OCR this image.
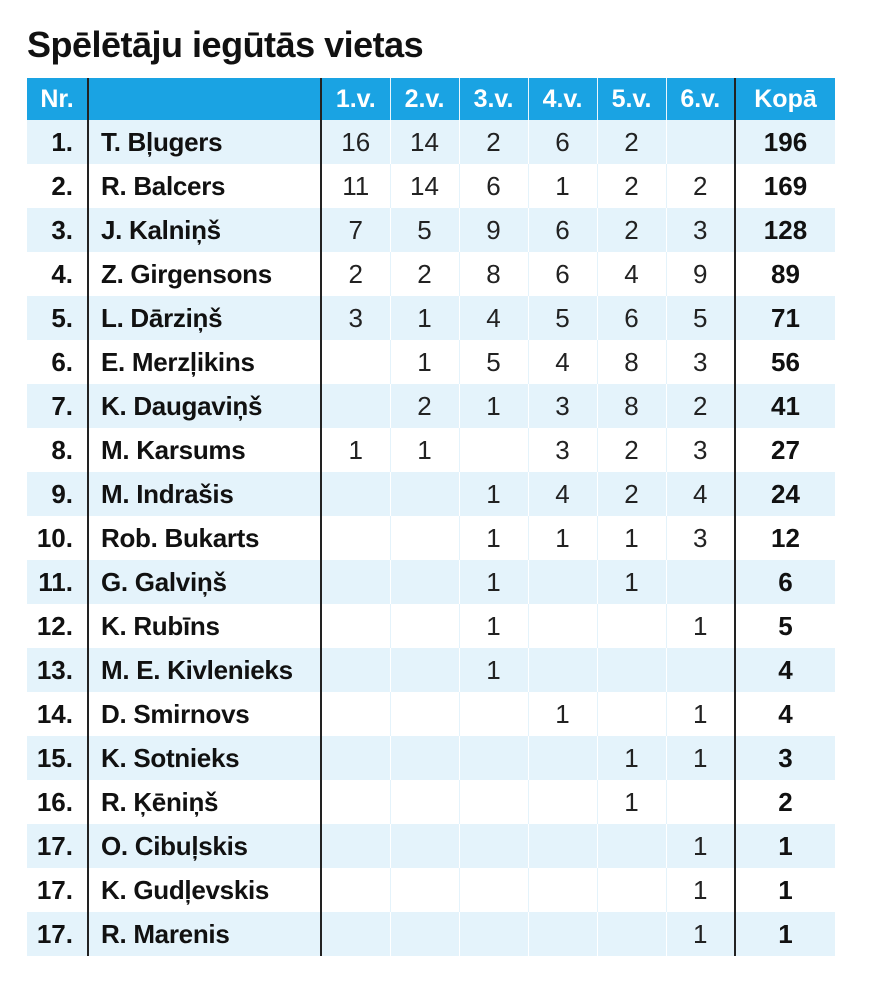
Spēlētāju iegūtās vietas
Nr.		1.v.	2.v.	3.v.	4.v.	5.v.	6.v.	Kopā
1.	T. Bļugers	16	14	2	6	2		196
2.	R. Balcers	11	14	6	1	2	2	169
3.	J. Kalniņš	7	5	9	6	2	3	128
4.	Z. Girgensons	2	2	8	6	4	9	89
5.	L. Dārziņš	3	1	4	5	6	5	71
6.	E. Merzļikins		1	5	4	8	3	56
7.	K. Daugaviņš		2	1	3	8	2	41
8.	M. Karsums	1	1		3	2	3	27
9.	M. Indrašis			1	4	2	4	24
10.	Rob. Bukarts			1	1	1	3	12
11.	G. Galviņš			1		1		6
12.	K. Rubīns			1			1	5
13.	M. E. Kivlenieks			1				4
14.	D. Smirnovs				1		1	4
15.	K. Sotnieks					1	1	3
16.	R. Ķēniņš					1		2
17.	O. Cibuļskis						1	1
17.	K. Gudļevskis						1	1
17.	R. Marenis						1	1
